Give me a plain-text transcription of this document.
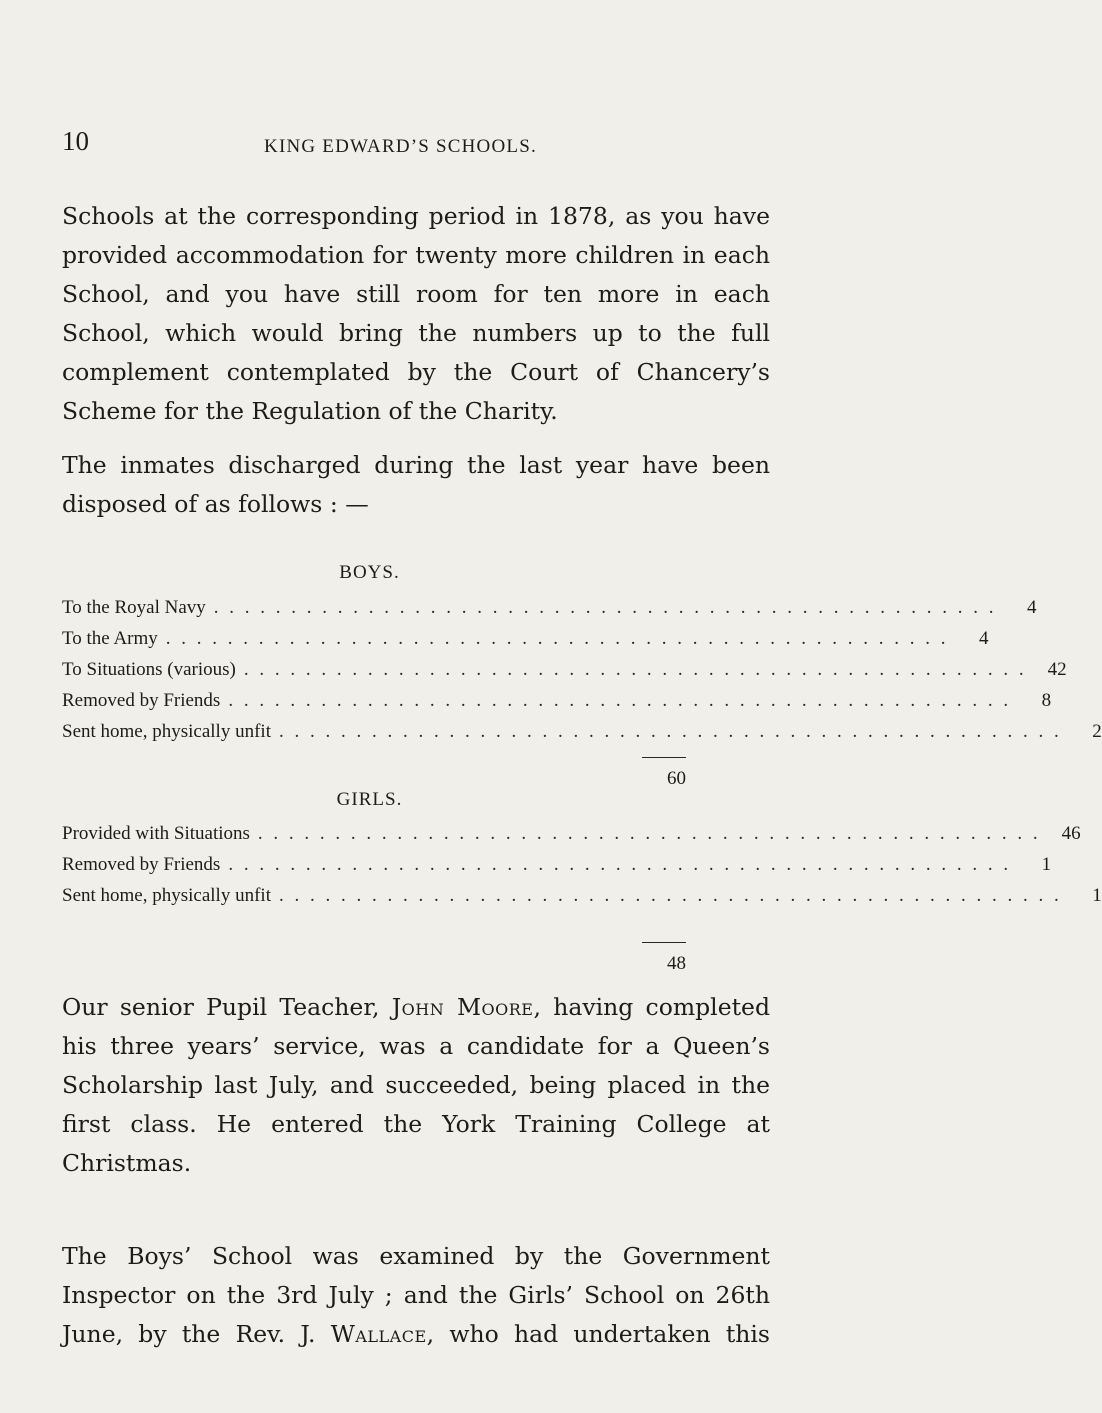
10	KING EDWARD’S SCHOOLS.

Schools at the corresponding period in 1878, as you have
provided accommodation for twenty more children in each
School, and you have still room for ten more in each
School, which would bring the numbers up to the full
complement contemplated by the Court of Chancery’s
Scheme for the Regulation of the Charity.

The inmates discharged during the last year have been
disposed of as follows : —

BOYS.
To the Royal Navy . . . . . . . . . . . . . . . . . . . . . . . . . . . . . . . . . . . . . . . . . . . . . . . . . . .	4
To the Army . . . . . . . . . . . . . . . . . . . . . . . . . . . . . . . . . . . . . . . . . . . . . . . . . . .	4
To Situations (various) . . . . . . . . . . . . . . . . . . . . . . . . . . . . . . . . . . . . . . . . . . . . . . . . . . .	42
Removed by Friends . . . . . . . . . . . . . . . . . . . . . . . . . . . . . . . . . . . . . . . . . . . . . . . . . . .	8
Sent home, physically unfit . . . . . . . . . . . . . . . . . . . . . . . . . . . . . . . . . . . . . . . . . . . . . . . . . . .	2
60
GIRLS.
Provided with Situations . . . . . . . . . . . . . . . . . . . . . . . . . . . . . . . . . . . . . . . . . . . . . . . . . . .	46
Removed by Friends . . . . . . . . . . . . . . . . . . . . . . . . . . . . . . . . . . . . . . . . . . . . . . . . . . .	1
Sent home, physically unfit . . . . . . . . . . . . . . . . . . . . . . . . . . . . . . . . . . . . . . . . . . . . . . . . . . .	1
48

Our senior Pupil Teacher, John Moore, having completed
his three years’ service, was a candidate for a Queen’s
Scholarship last July, and succeeded, being placed in the
first class. He entered the York Training College at
Christmas.

The Boys’ School was examined by the Government
Inspector on the 3rd July ; and the Girls’ School on 26th
June, by the Rev. J. Wallace, who had undertaken this
